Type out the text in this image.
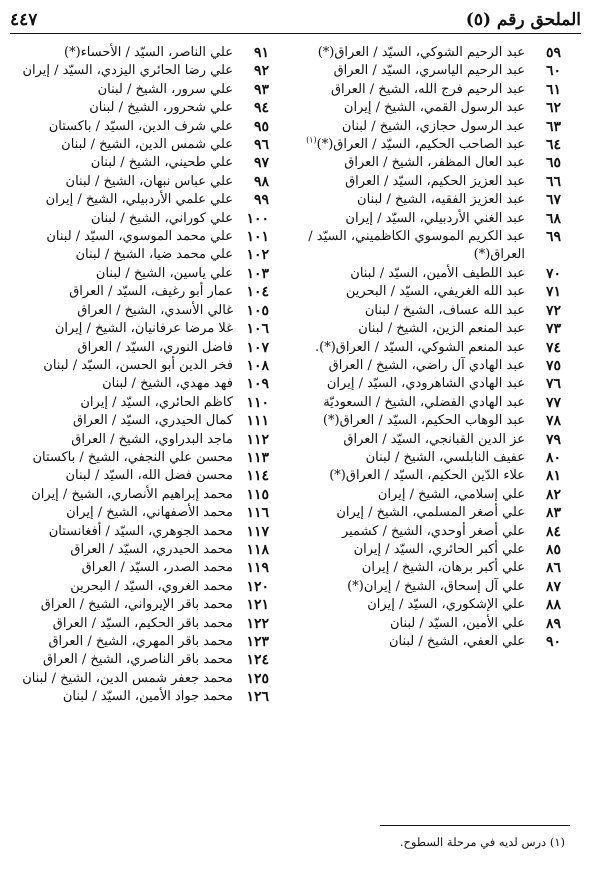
الملحق رقم (٥)
٤٤٧
٥٩
عبد الرحيم الشوكي، السيّد / العراق(*)
٦٠
عبد الرحيم الياسري، السيّد / العراق
٦١
عبد الرحيم فرج الله، الشيخ / العراق
٦٢
عبد الرسول القمي، الشيخ / إيران
٦٣
عبد الرسول حجازي، الشيخ / لبنان
٦٤
عبد الصاحب الحكيم، السيّد / $العراق(*)^{(١)}$
٦٥
عبد العال المظفر، الشيخ / العراق
٦٦
عبد العزيز الحكيم، السيّد / العراق
٦٧
عبد العزيز الفقيه، الشيخ / لبنان
٦٨
عبد الغني الأردبيلي، السيّد / إيران
٦٩
عبد الكريم الموسوي الكاظميني، السيّد / العراق(*)
٧٠
عبد اللطيف الأمين، السيّد / لبنان
٧١
عبد الله الغريفي، السيّد / البحرين
٧٢
عبد الله عساف، الشيخ / لبنان
٧٣
عبد المنعم الزين، الشيخ / لبنان
٧٤
عبد المنعم الشوكي، السيّد / العراق(*).
٧٥
عبد الهادي آل راضي، الشيخ / العراق
٧٦
عبد الهادي الشاهرودي، السيّد / إيران
٧٧
عبد الهادي الفضلي، الشيخ / السعوديّة
٧٨
عبد الوهاب الحكيم، السيّد / العراق(*)
٧٩
عز الدين القبانجي، السيّد / العراق
٨٠
عفيف النابلسي، الشيخ / لبنان
٨١
علاء الدّين الحكيم، السيّد / العراق(*)
٨٢
علي إسلامي، الشيخ / إيران
٨٣
علي أصغر المسلمي، الشيخ / إيران
٨٤
علي أصغر أوحدي، الشيخ / كشمير
٨٥
علي أكبر الحائري، السيّد / إيران
٨٦
علي أكبر برهان، الشيخ / إيران
٨٧
علي آل إسحاق، الشيخ / إيران(*)
٨٨
علي الإشكوري، السيّد / إيران
٨٩
علي الأمين، السيّد / لبنان
٩٠
علي العفي، الشيخ / لبنان
٩١
علي الناصر، السيّد / الأحساء(*)
٩٢
علي رضا الحائري اليزدي، السيّد / إيران
٩٣
علي سرور، الشيخ / لبنان
٩٤
علي شحرور، الشيخ / لبنان
٩٥
علي شرف الدين، السيّد / باكستان
٩٦
علي شمس الدين، الشيخ / لبنان
٩٧
علي طحيني، الشيخ / لبنان
٩٨
علي عباس نبهان، الشيخ / لبنان
٩٩
علي علمي الأردبيلي، الشيخ / إيران
١٠٠
علي كوراني، الشيخ / لبنان
١٠١
علي محمد الموسوي، السيّد / لبنان
١٠٢
علي محمد ضيا، الشيخ / لبنان
١٠٣
علي ياسين، الشيخ / لبنان
١٠٤
عمار أبو رغيف، السيّد / العراق
١٠٥
غالي الأسدي، الشيخ / العراق
١٠٦
غلا مرضا عرفانيان، الشيخ / إيران
١٠٧
فاضل النوري، السيّد / العراق
١٠٨
فخر الدين أبو الحسن، السيّد / لبنان
١٠٩
فهد مهدي، الشيخ / لبنان
١١٠
كاظم الحائري، السيّد / إيران
١١١
كمال الحيدري، السيّد / العراق
١١٢
ماجد البدراوي، الشيخ / العراق
١١٣
محسن علي النجفي، الشيخ / باكستان
١١٤
محسن فضل الله، السيّد / لبنان
١١٥
محمد إبراهيم الأنصاري، الشيخ / إيران
١١٦
محمد الأصفهاني، الشيخ / إيران
١١٧
محمد الجوهري، السيّد / أفغانستان
١١٨
محمد الحيدري، السيّد / العراق
١١٩
محمد الصدر، السيّد / العراق
١٢٠
محمد الغروي، السيّد / البحرين
١٢١
محمد باقر الإيرواني، الشيخ / العراق
١٢٢
محمد باقر الحكيم، السيّد / العراق
١٢٣
محمد باقر المهري، الشيخ / العراق
١٢٤
محمد باقر الناصري، الشيخ / العراق
١٢٥
محمد جعفر شمس الدين، الشيخ / لبنان
١٢٦
محمد جواد الأمين، السيّد / لبنان
(١) درس لديه في مرحلة السطوح.
